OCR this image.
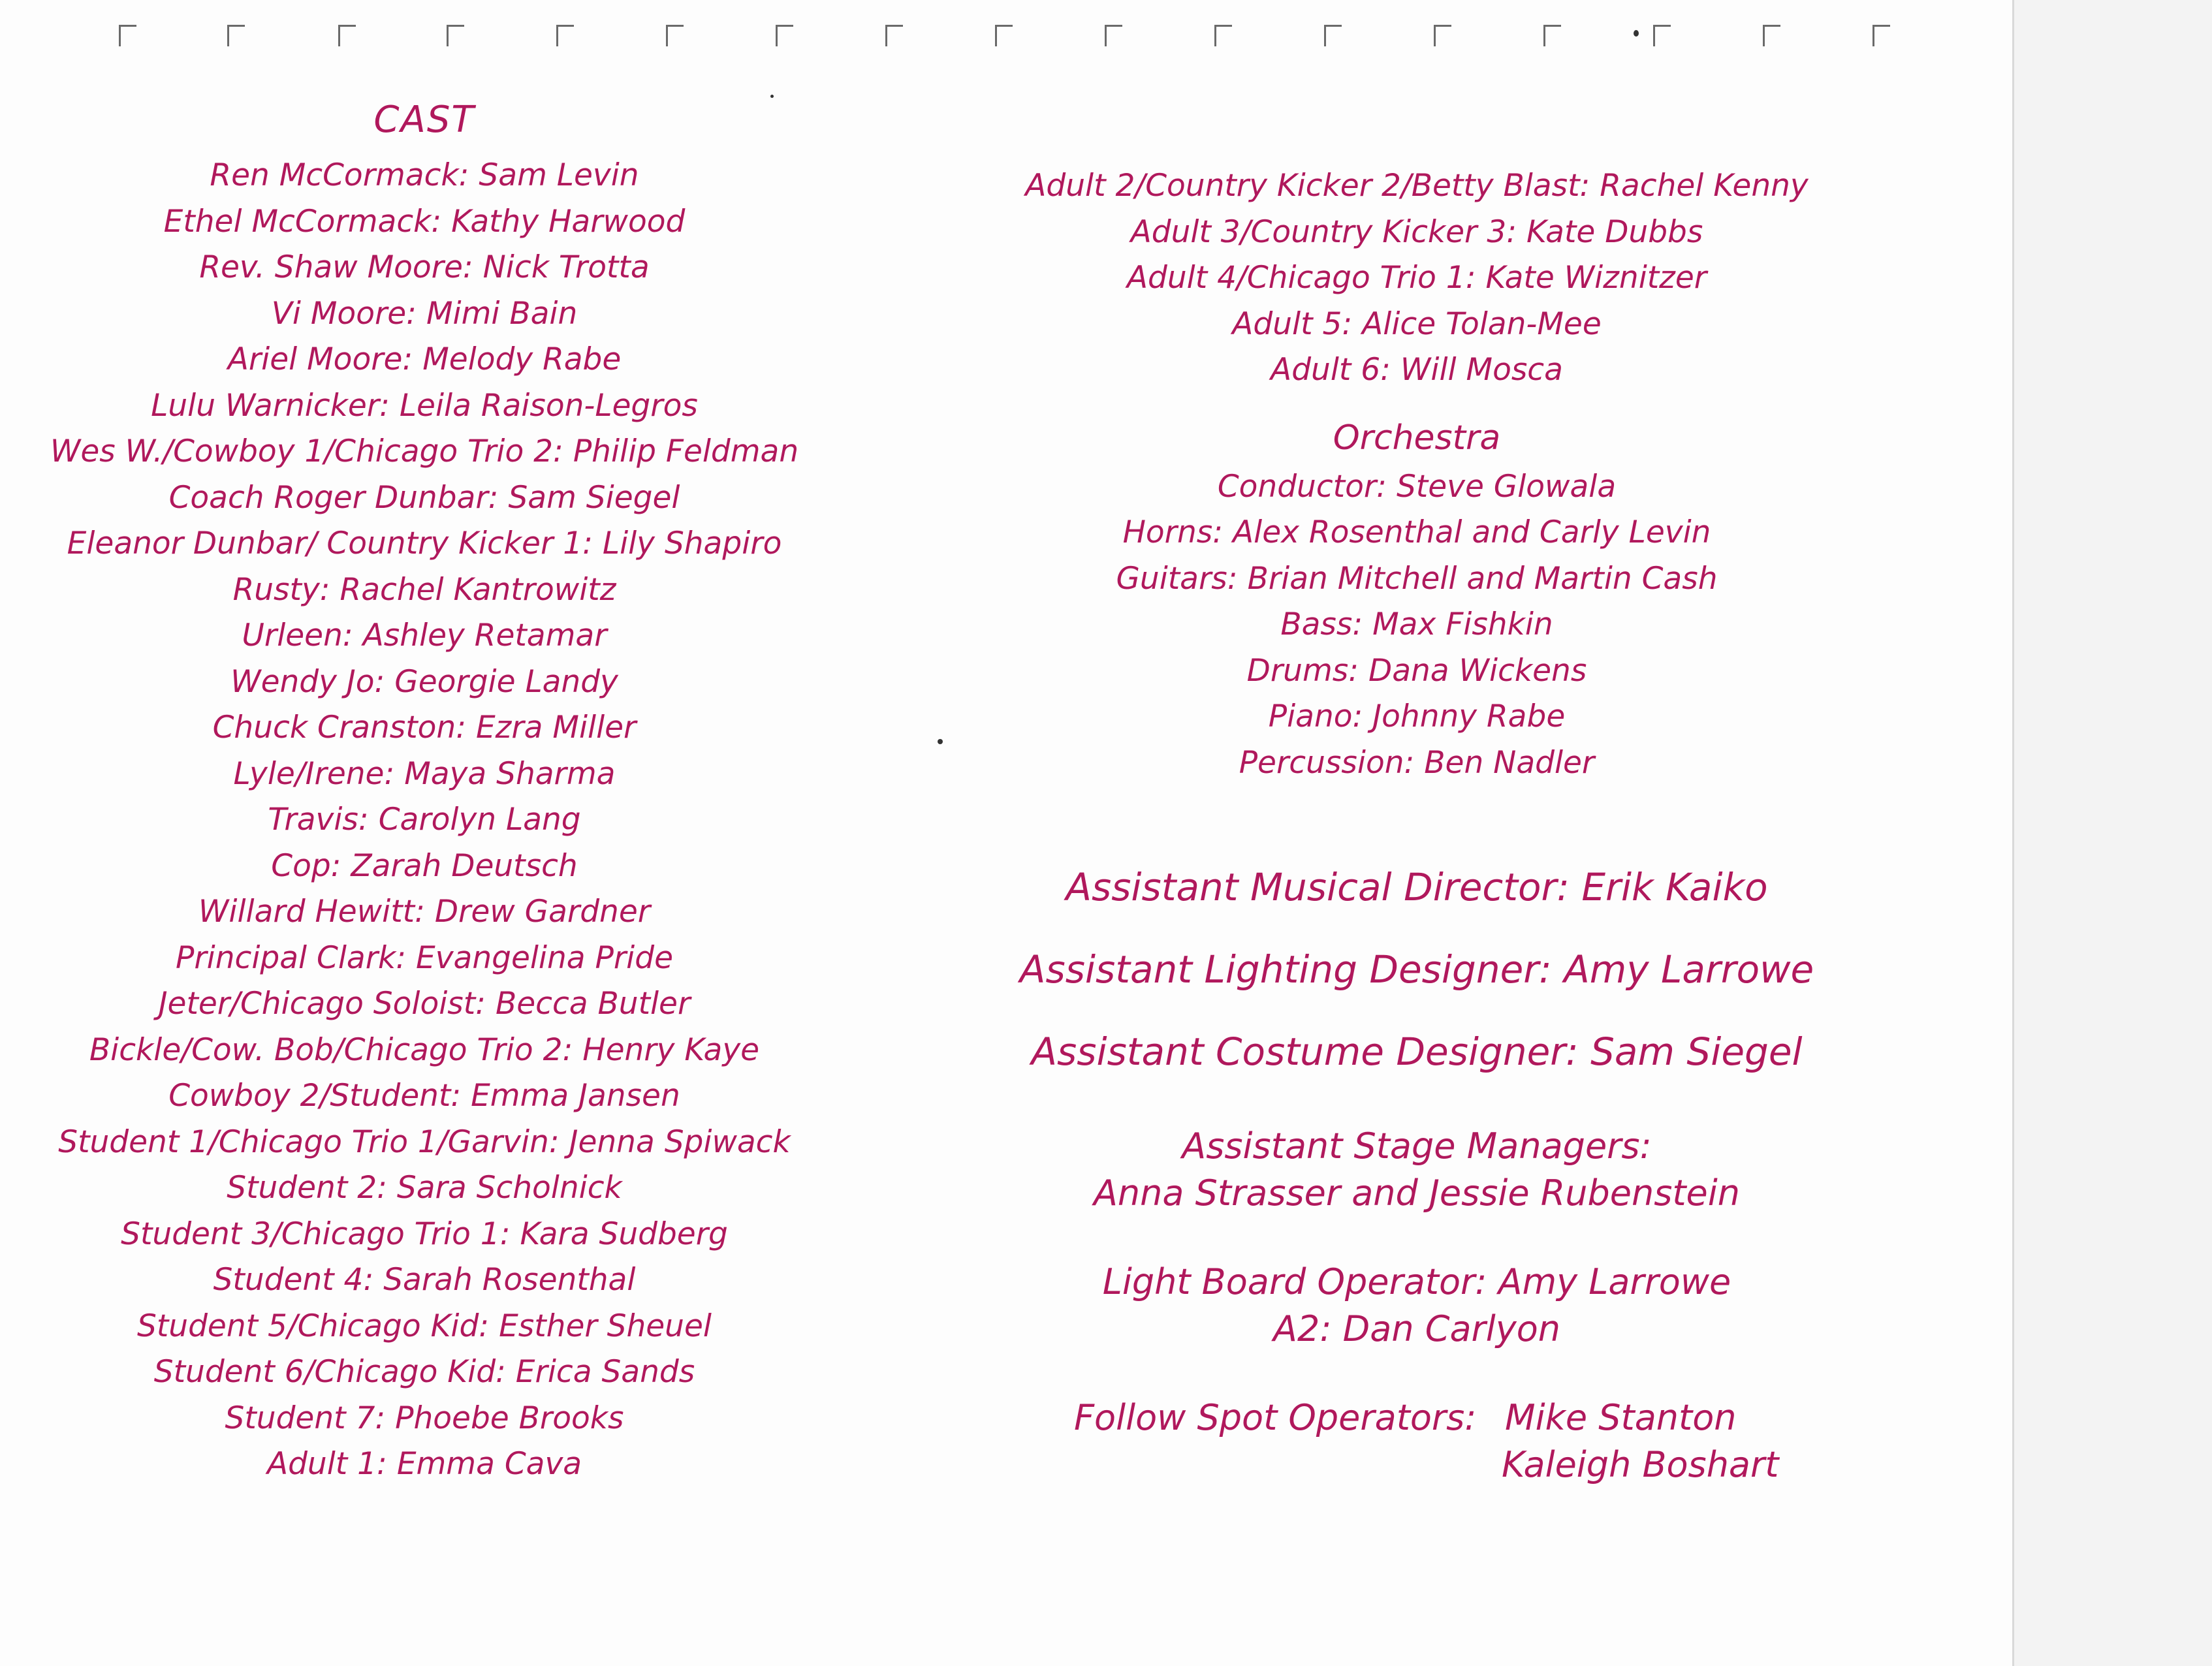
CAST
Ren McCormack: Sam Levin
Ethel McCormack: Kathy Harwood
Rev. Shaw Moore: Nick Trotta
Vi Moore: Mimi Bain
Ariel Moore: Melody Rabe
Lulu Warnicker: Leila Raison-Legros
Wes W./Cowboy 1/Chicago Trio 2: Philip Feldman
Coach Roger Dunbar: Sam Siegel
Eleanor Dunbar/ Country Kicker 1: Lily Shapiro
Rusty: Rachel Kantrowitz
Urleen: Ashley Retamar
Wendy Jo: Georgie Landy
Chuck Cranston: Ezra Miller
Lyle/Irene: Maya Sharma
Travis: Carolyn Lang
Cop: Zarah Deutsch
Willard Hewitt: Drew Gardner
Principal Clark: Evangelina Pride
Jeter/Chicago Soloist: Becca Butler
Bickle/Cow. Bob/Chicago Trio 2: Henry Kaye
Cowboy 2/Student: Emma Jansen
Student 1/Chicago Trio 1/Garvin: Jenna Spiwack
Student 2: Sara Scholnick
Student 3/Chicago Trio 1: Kara Sudberg
Student 4: Sarah Rosenthal
Student 5/Chicago Kid: Esther Sheuel
Student 6/Chicago Kid: Erica Sands
Student 7: Phoebe Brooks
Adult 1: Emma Cava
Adult 2/Country Kicker 2/Betty Blast: Rachel Kenny
Adult 3/Country Kicker 3: Kate Dubbs
Adult 4/Chicago Trio 1: Kate Wiznitzer
Adult 5: Alice Tolan-Mee
Adult 6: Will Mosca
Orchestra
Conductor: Steve Glowala
Horns: Alex Rosenthal and Carly Levin
Guitars: Brian Mitchell and Martin Cash
Bass: Max Fishkin
Drums: Dana Wickens
Piano: Johnny Rabe
Percussion: Ben Nadler
Assistant Musical Director: Erik Kaiko
Assistant Lighting Designer: Amy Larrowe
Assistant Costume Designer: Sam Siegel
Assistant Stage Managers:
Anna Strasser and Jessie Rubenstein
Light Board Operator: Amy Larrowe
A2: Dan Carlyon
Follow Spot Operators: Mike Stanton
Kaleigh Boshart
